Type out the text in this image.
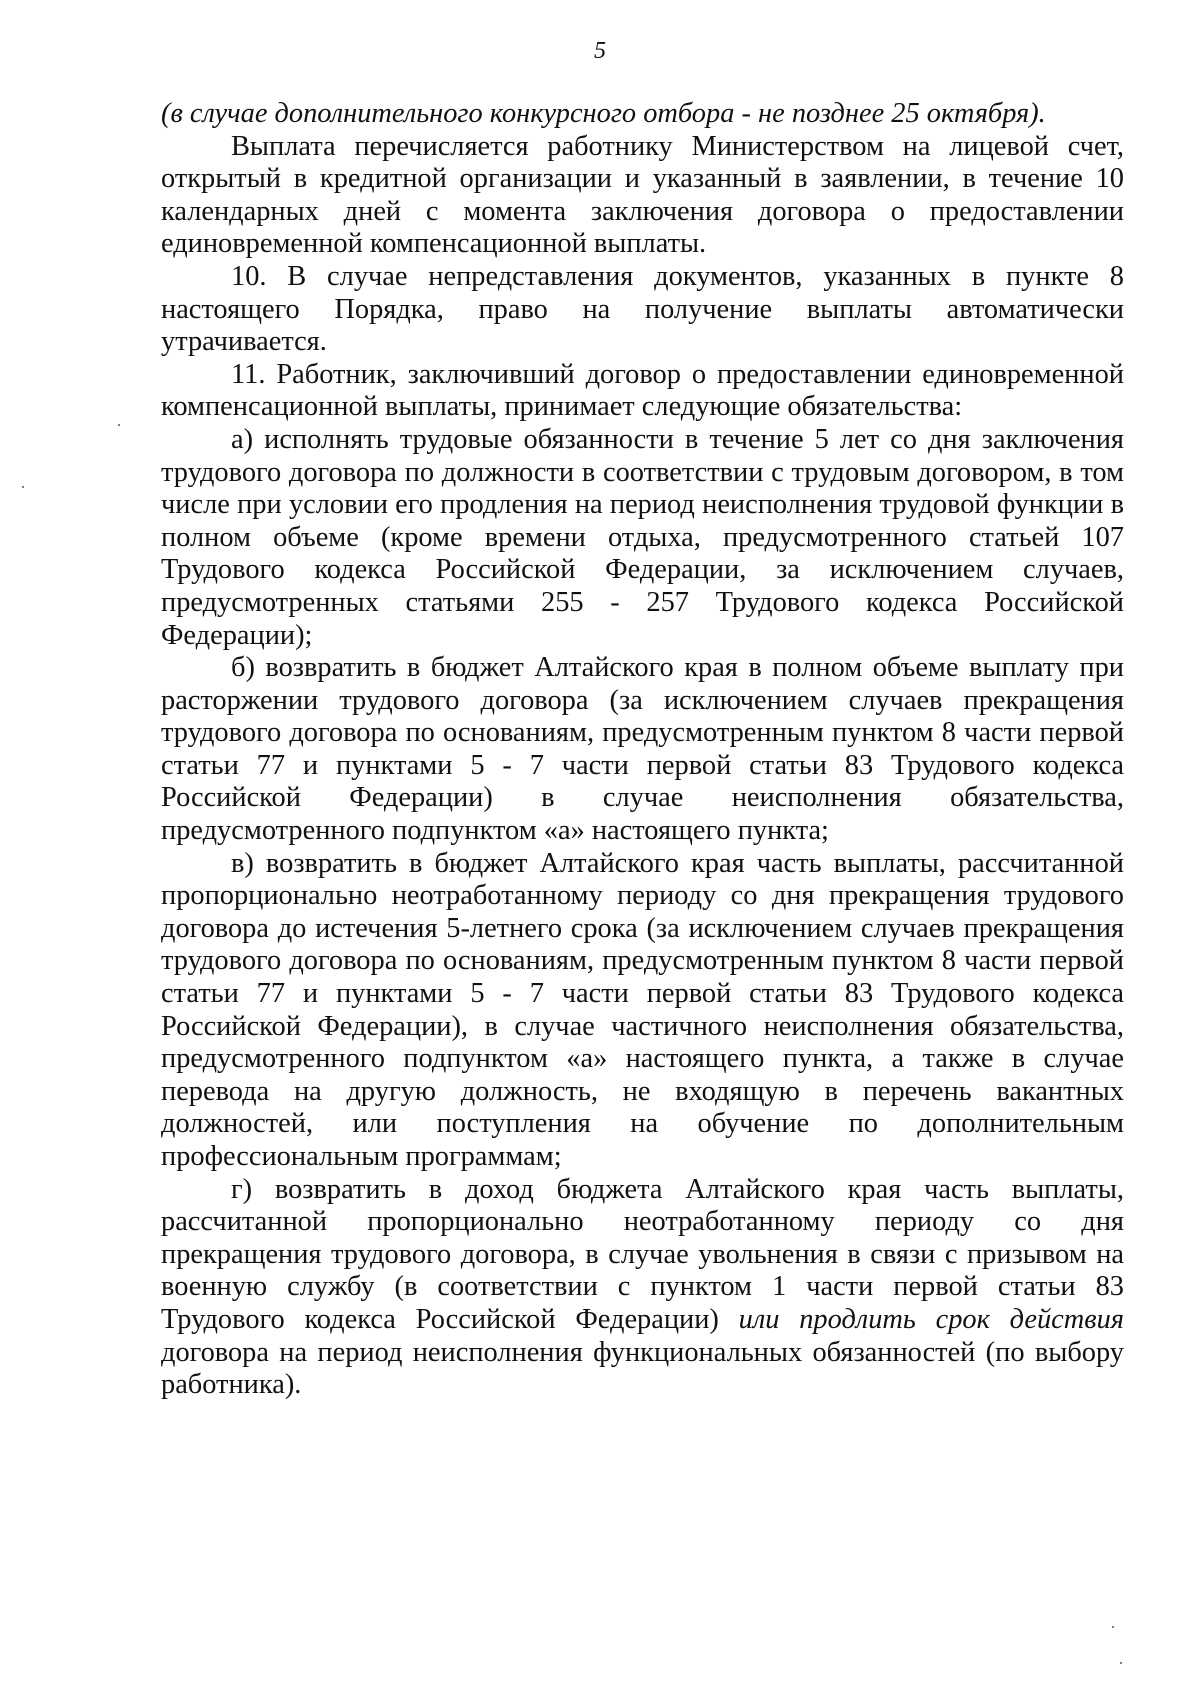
5

(в случае дополнительного конкурсного отбора - не позднее 25 октября).

Выплата перечисляется работнику Министерством на лицевой счет, открытый в кредитной организации и указанный в заявлении, в течение 10 календарных дней с момента заключения договора о предоставлении единовременной компенсационной выплаты.

10. В случае непредставления документов, указанных в пункте 8 настоящего Порядка, право на получение выплаты автоматически утрачивается.

11. Работник, заключивший договор о предоставлении единовременной компенсационной выплаты, принимает следующие обязательства:

а) исполнять трудовые обязанности в течение 5 лет со дня заключения трудового договора по должности в соответствии с трудовым договором, в том числе при условии его продления на период неисполнения трудовой функции в полном объеме (кроме времени отдыха, предусмотренного статьей 107 Трудового кодекса Российской Федерации, за исключением случаев, предусмотренных статьями 255 - 257 Трудового кодекса Российской Федерации);

б) возвратить в бюджет Алтайского края в полном объеме выплату при расторжении трудового договора (за исключением случаев прекращения трудового договора по основаниям, предусмотренным пунктом 8 части первой статьи 77 и пунктами 5 - 7 части первой статьи 83 Трудового кодекса Российской Федерации) в случае неисполнения обязательства, предусмотренного подпунктом «а» настоящего пункта;

в) возвратить в бюджет Алтайского края часть выплаты, рассчитанной пропорционально неотработанному периоду со дня прекращения трудового договора до истечения 5-летнего срока (за исключением случаев прекращения трудового договора по основаниям, предусмотренным пунктом 8 части первой статьи 77 и пунктами 5 - 7 части первой статьи 83 Трудового кодекса Российской Федерации), в случае частичного неисполнения обязательства, предусмотренного подпунктом «а» настоящего пункта, а также в случае перевода на другую должность, не входящую в перечень вакантных должностей, или поступления на обучение по дополнительным профессиональным программам;

г) возвратить в доход бюджета Алтайского края часть выплаты, рассчитанной пропорционально неотработанному периоду со дня прекращения трудового договора, в случае увольнения в связи с призывом на военную службу (в соответствии с пунктом 1 части первой статьи 83 Трудового кодекса Российской Федерации) или продлить срок действия договора на период неисполнения функциональных обязанностей (по выбору работника).
